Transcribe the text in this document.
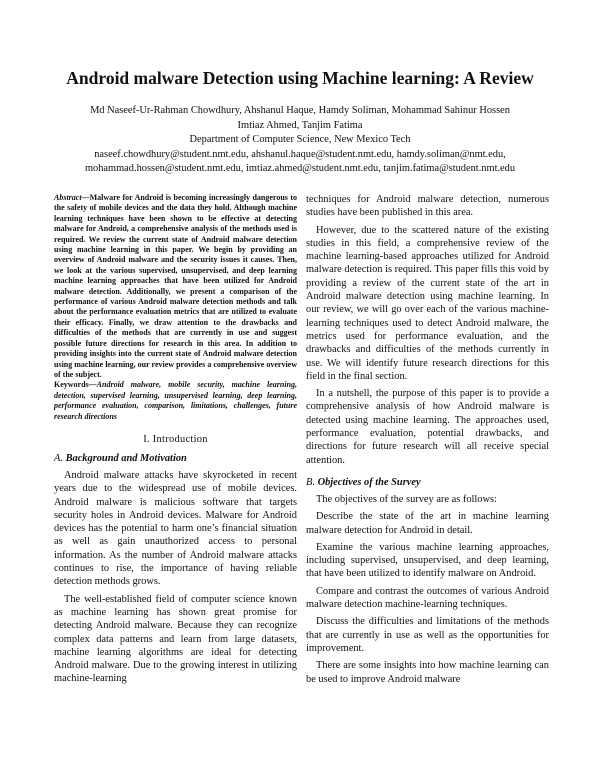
Android malware Detection using Machine learning: A Review
Md Naseef-Ur-Rahman Chowdhury, Ahshanul Haque, Hamdy Soliman, Mohammad Sahinur Hossen
Imtiaz Ahmed, Tanjim Fatima
Department of Computer Science, New Mexico Tech
naseef.chowdhury@student.nmt.edu, ahshanul.haque@student.nmt.edu, hamdy.soliman@nmt.edu,
mohammad.hossen@student.nmt.edu, imtiaz.ahmed@student.nmt.edu, tanjim.fatima@student.nmt.edu

Abstract—Malware for Android is becoming increasingly dangerous to the safety of mobile devices and the data they hold. Although machine learning techniques have been shown to be effective at detecting malware for Android, a comprehensive analysis of the methods used is required. We review the current state of Android malware detection using machine learning in this paper. We begin by providing an overview of Android malware and the security issues it causes. Then, we look at the various supervised, unsupervised, and deep learning machine learning approaches that have been utilized for Android malware detection. Additionally, we present a comparison of the performance of various Android malware detection methods and talk about the performance evaluation metrics that are utilized to evaluate their efficacy. Finally, we draw attention to the drawbacks and difficulties of the methods that are currently in use and suggest possible future directions for research in this area. In addition to providing insights into the current state of Android malware detection using machine learning, our review provides a comprehensive overview of the subject.

Keywords—Android malware, mobile security, machine learning, detection, supervised learning, unsupervised learning, deep learning, performance evaluation, comparison, limitations, challenges, future research directions

I. Introduction
A. Background and Motivation

Android malware attacks have skyrocketed in recent years due to the widespread use of mobile devices. Android malware is malicious software that targets security holes in Android devices. Malware for Android devices has the potential to harm one’s financial situation as well as gain unauthorized access to personal information. As the number of Android malware attacks continues to rise, the importance of having reliable detection methods grows.

The well-established field of computer science known as machine learning has shown great promise for detecting Android malware. Because they can recognize complex data patterns and learn from large datasets, machine learning algorithms are ideal for detecting Android malware. Due to the growing interest in utilizing machine-learning

techniques for Android malware detection, numerous studies have been published in this area.

However, due to the scattered nature of the existing studies in this field, a comprehensive review of the machine learning-based approaches utilized for Android malware detection is required. This paper fills this void by providing a review of the current state of the art in Android malware detection using machine learning. In our review, we will go over each of the various machine-learning techniques used to detect Android malware, the metrics used for performance evaluation, and the drawbacks and difficulties of the methods currently in use. We will identify future research directions for this field in the final section.

In a nutshell, the purpose of this paper is to provide a comprehensive analysis of how Android malware is detected using machine learning. The approaches used, performance evaluation, potential drawbacks, and directions for future research will all receive special attention.

B. Objectives of the Survey

The objectives of the survey are as follows:

Describe the state of the art in machine learning malware detection for Android in detail.

Examine the various machine learning approaches, including supervised, unsupervised, and deep learning, that have been utilized to identify malware on Android.

Compare and contrast the outcomes of various Android malware detection machine-learning techniques.

Discuss the difficulties and limitations of the methods that are currently in use as well as the opportunities for improvement.

There are some insights into how machine learning can be used to improve Android malware
